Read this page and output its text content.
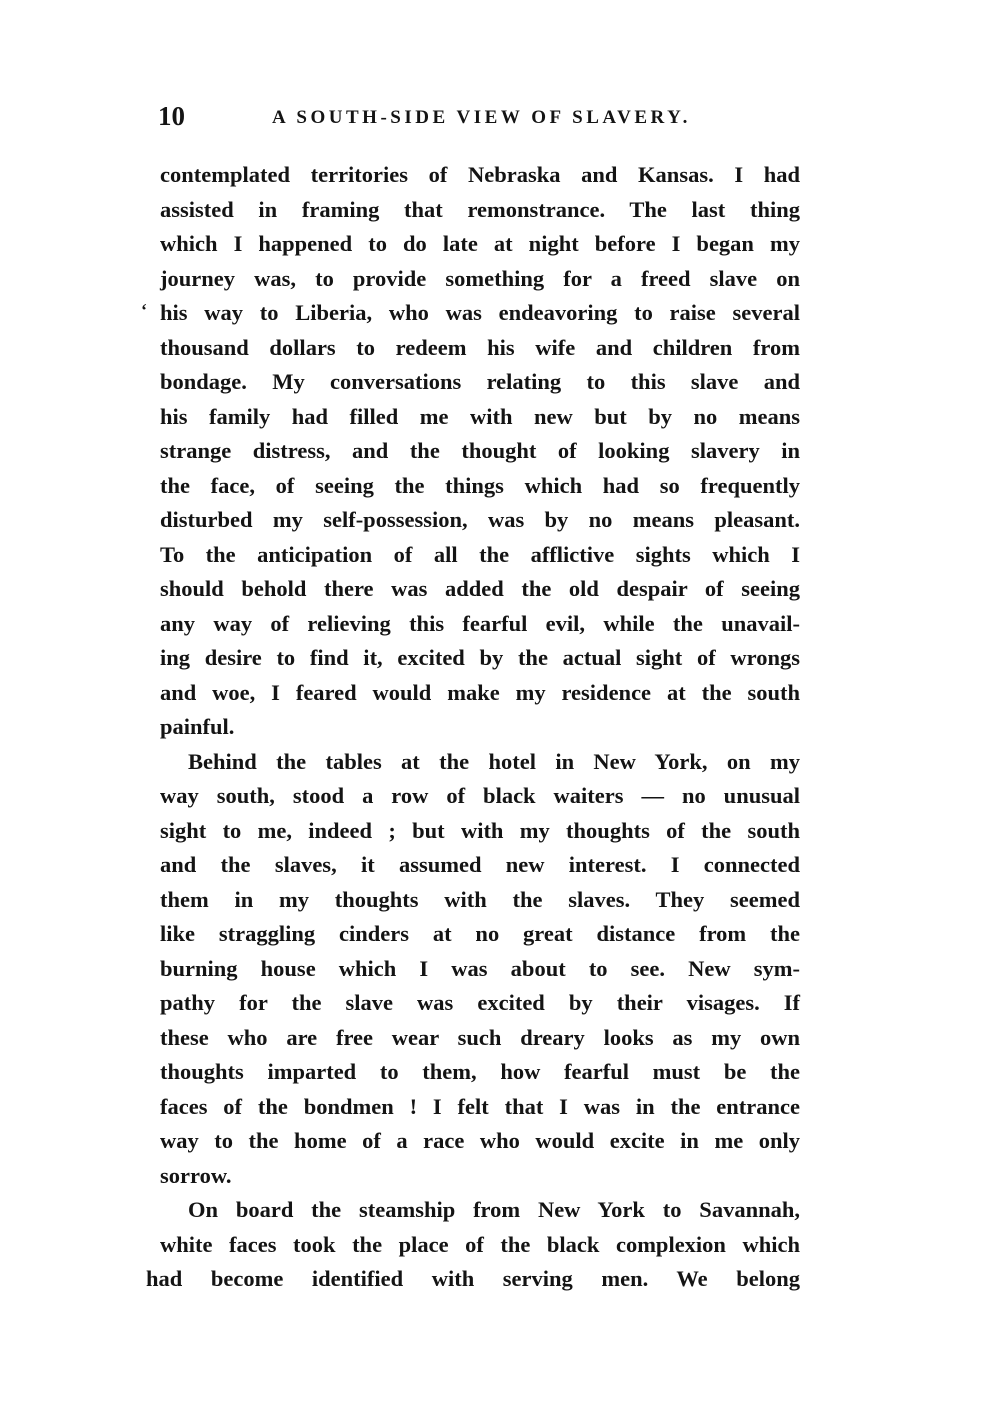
10	A SOUTH-SIDE VIEW OF SLAVERY.
‘
contemplated territories of Nebraska and Kansas. I had
assisted in framing that remonstrance. The last thing
which I happened to do late at night before I began my
journey was, to provide something for a freed slave on
his way to Liberia, who was endeavoring to raise several
thousand dollars to redeem his wife and children from
bondage. My conversations relating to this slave and
his family had filled me with new but by no means
strange distress, and the thought of looking slavery in
the face, of seeing the things which had so frequently
disturbed my self-possession, was by no means pleasant.
To the anticipation of all the afflictive sights which I
should behold there was added the old despair of seeing
any way of relieving this fearful evil, while the unavail-
ing desire to find it, excited by the actual sight of wrongs
and woe, I feared would make my residence at the south
painful.
Behind the tables at the hotel in New York, on my
way south, stood a row of black waiters — no unusual
sight to me, indeed ; but with my thoughts of the south
and the slaves, it assumed new interest. I connected
them in my thoughts with the slaves. They seemed
like straggling cinders at no great distance from the
burning house which I was about to see. New sym-
pathy for the slave was excited by their visages. If
these who are free wear such dreary looks as my own
thoughts imparted to them, how fearful must be the
faces of the bondmen ! I felt that I was in the entrance
way to the home of a race who would excite in me only
sorrow.
On board the steamship from New York to Savannah,
white faces took the place of the black complexion which
had become identified with serving men. We belong
